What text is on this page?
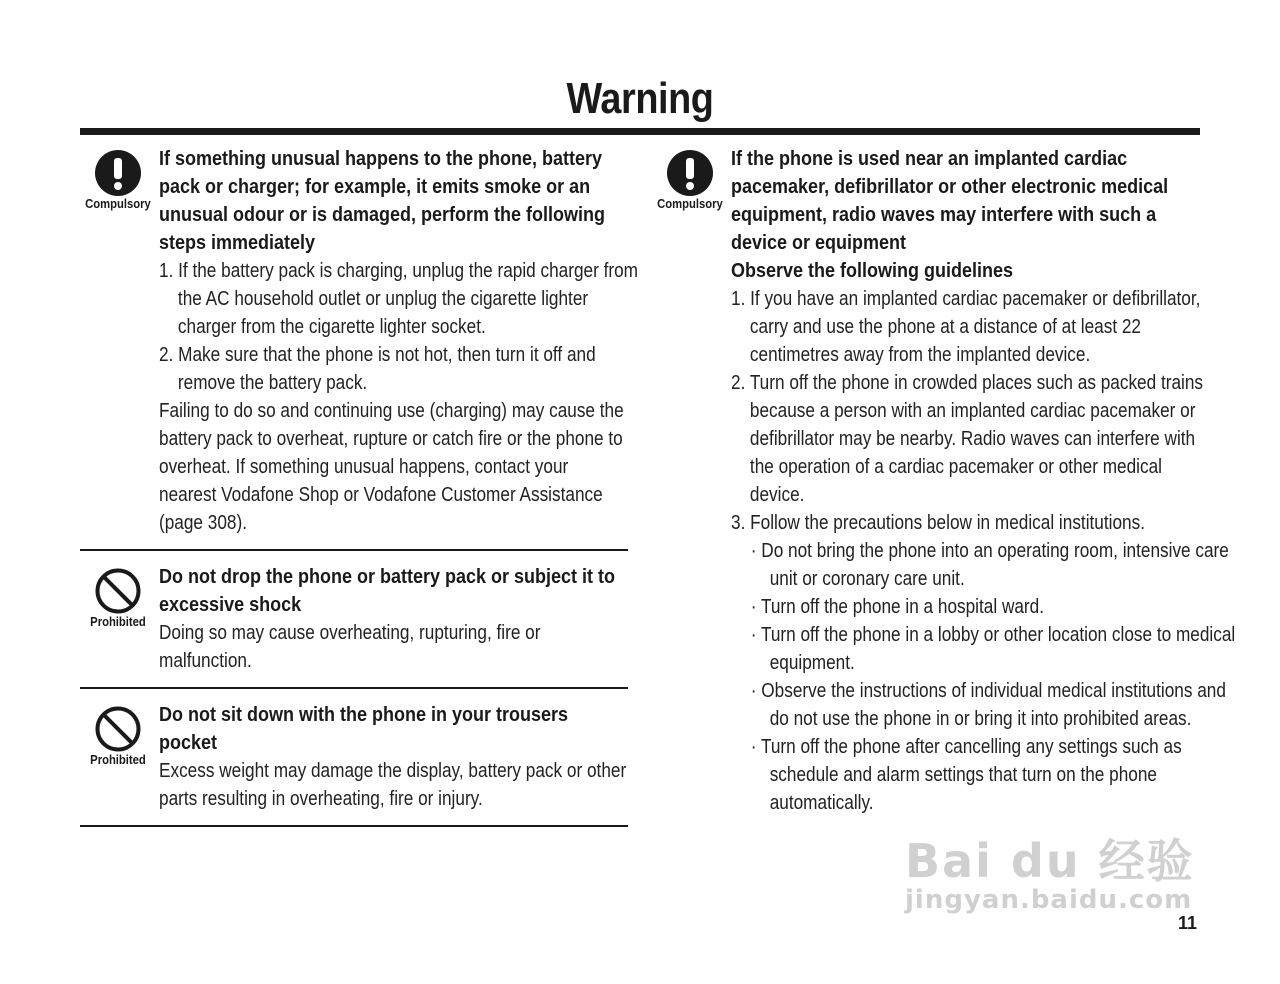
Warning
Compulsory
If something unusual happens to the phone, battery pack or charger; for example, it emits smoke or an unusual odour or is damaged, perform the following steps immediately
1. If the battery pack is charging, unplug the rapid charger from the AC household outlet or unplug the cigarette lighter charger from the cigarette lighter socket.
2. Make sure that the phone is not hot, then turn it off and remove the battery pack.
Failing to do so and continuing use (charging) may cause the battery pack to overheat, rupture or catch fire or the phone to overheat. If something unusual happens, contact your nearest Vodafone Shop or Vodafone Customer Assistance (page 308).
Prohibited
Do not drop the phone or battery pack or subject it to excessive shock
Doing so may cause overheating, rupturing, fire or malfunction.
Prohibited
Do not sit down with the phone in your trousers pocket
Excess weight may damage the display, battery pack or other parts resulting in overheating, fire or injury.
Compulsory
If the phone is used near an implanted cardiac pacemaker, defibrillator or other electronic medical equipment, radio waves may interfere with such a device or equipment
Observe the following guidelines
1. If you have an implanted cardiac pacemaker or defibrillator, carry and use the phone at a distance of at least 22 centimetres away from the implanted device.
2. Turn off the phone in crowded places such as packed trains because a person with an implanted cardiac pacemaker or defibrillator may be nearby. Radio waves can interfere with the operation of a cardiac pacemaker or other medical device.
3. Follow the precautions below in medical institutions.
· Do not bring the phone into an operating room, intensive care unit or coronary care unit.
· Turn off the phone in a hospital ward.
· Turn off the phone in a lobby or other location close to medical equipment.
· Observe the instructions of individual medical institutions and do not use the phone in or bring it into prohibited areas.
· Turn off the phone after cancelling any settings such as schedule and alarm settings that turn on the phone automatically.
Bai du 经验
jingyan.baidu.com
11
